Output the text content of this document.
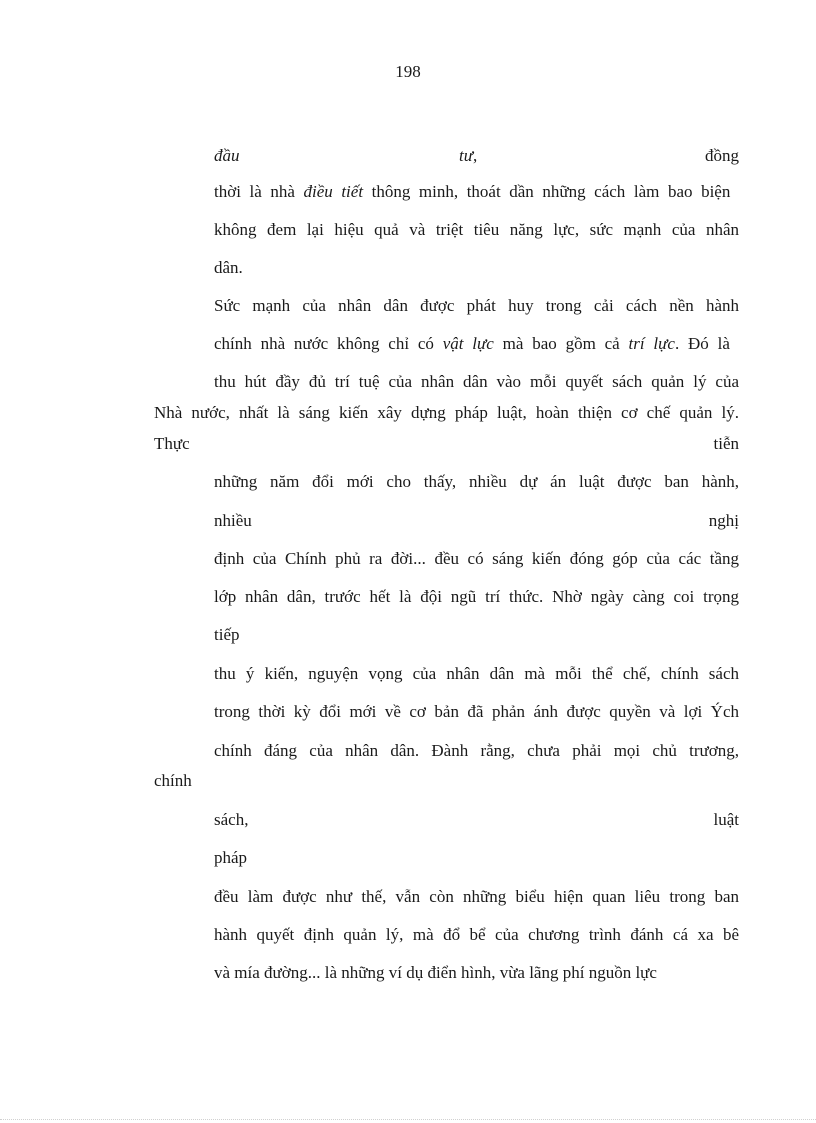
198
đầu	tư,	đồng
thời là nhà điều tiết thông minh, thoát dần những cách làm bao biện
không đem lại hiệu quả và triệt tiêu năng lực, sức mạnh của nhân
dân.
Sức mạnh của nhân dân được phát huy trong cải cách nền hành
chính nhà nước không chỉ có vật lực mà bao gồm cả trí lực. Đó là
thu hút đầy đủ trí tuệ của nhân dân vào mỗi quyết sách quản lý của
Nhà nước, nhất là sáng kiến xây dựng pháp luật, hoàn thiện cơ chế quản lý.
Thực	tiễn
những năm đổi mới cho thấy, nhiều dự án luật được ban hành,
nhiều	nghị
định của Chính phủ ra đời... đều có sáng kiến đóng góp của các tầng
lớp nhân dân, trước hết là đội ngũ trí thức. Nhờ ngày càng coi trọng
tiếp
thu ý kiến, nguyện vọng của nhân dân mà mỗi thể chế, chính sách
trong thời kỳ đổi mới về cơ bản đã phản ánh được quyền và lợi Ých
chính đáng của nhân dân. Đành rằng, chưa phải mọi chủ trương,
chính
sách,	luật
pháp
đều làm được như thế, vẫn còn những biểu hiện quan liêu trong ban
hành quyết định quản lý, mà đổ bể của chương trình đánh cá xa bê
và mía đường... là những ví dụ điển hình, vừa lãng phí nguồn lực
